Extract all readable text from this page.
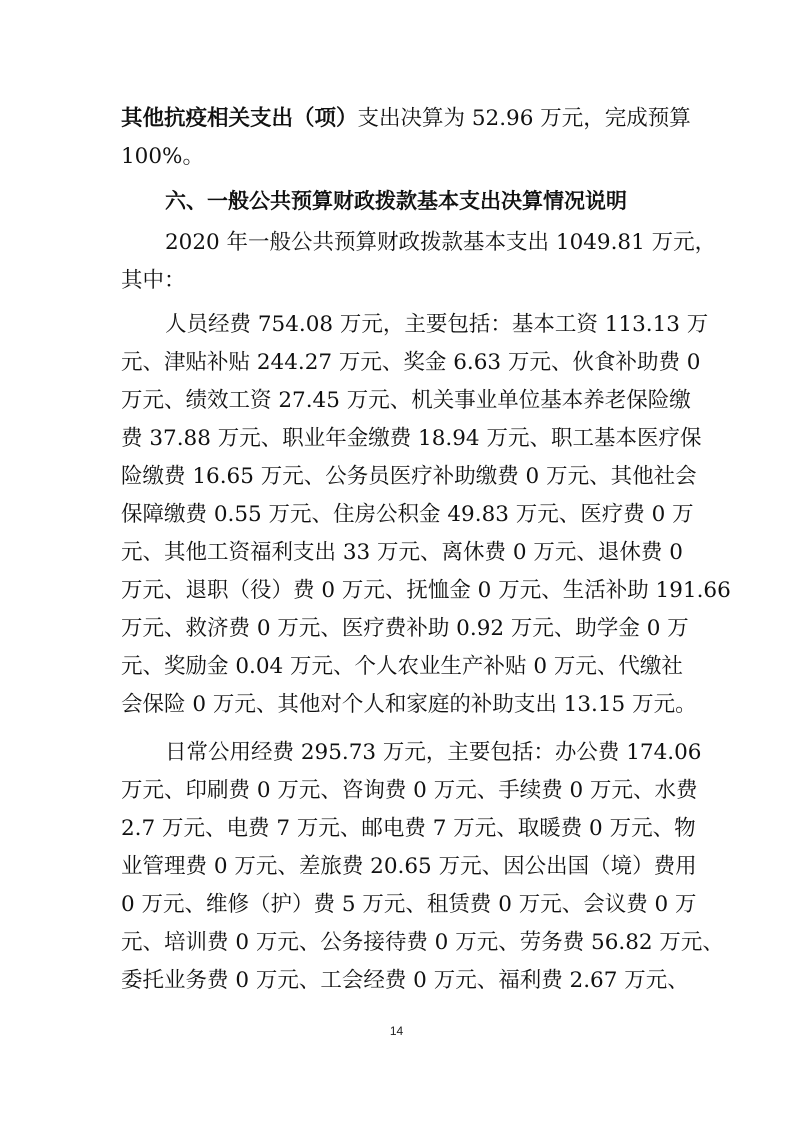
其他抗疫相关支出（项）支出决算为 52.96 万元，完成预算
100%。
六、一般公共预算财政拨款基本支出决算情况说明
2020 年一般公共预算财政拨款基本支出 1049.81 万元，
其中：
人员经费 754.08 万元，主要包括：基本工资 113.13 万
元、津贴补贴 244.27 万元、奖金 6.63 万元、伙食补助费 0
万元、绩效工资 27.45 万元、机关事业单位基本养老保险缴
费 37.88 万元、职业年金缴费 18.94 万元、职工基本医疗保
险缴费 16.65 万元、公务员医疗补助缴费 0 万元、其他社会
保障缴费 0.55 万元、住房公积金 49.83 万元、医疗费 0 万
元、其他工资福利支出 33 万元、离休费 0 万元、退休费 0
万元、退职（役）费 0 万元、抚恤金 0 万元、生活补助 191.66
万元、救济费 0 万元、医疗费补助 0.92 万元、助学金 0 万
元、奖励金 0.04 万元、个人农业生产补贴 0 万元、代缴社
会保险 0 万元、其他对个人和家庭的补助支出 13.15 万元。
日常公用经费 295.73 万元，主要包括：办公费 174.06
万元、印刷费 0 万元、咨询费 0 万元、手续费 0 万元、水费
2.7 万元、电费 7 万元、邮电费 7 万元、取暖费 0 万元、物
业管理费 0 万元、差旅费 20.65 万元、因公出国（境）费用
0 万元、维修（护）费 5 万元、租赁费 0 万元、会议费 0 万
元、培训费 0 万元、公务接待费 0 万元、劳务费 56.82 万元、
委托业务费 0 万元、工会经费 0 万元、福利费 2.67 万元、
14
